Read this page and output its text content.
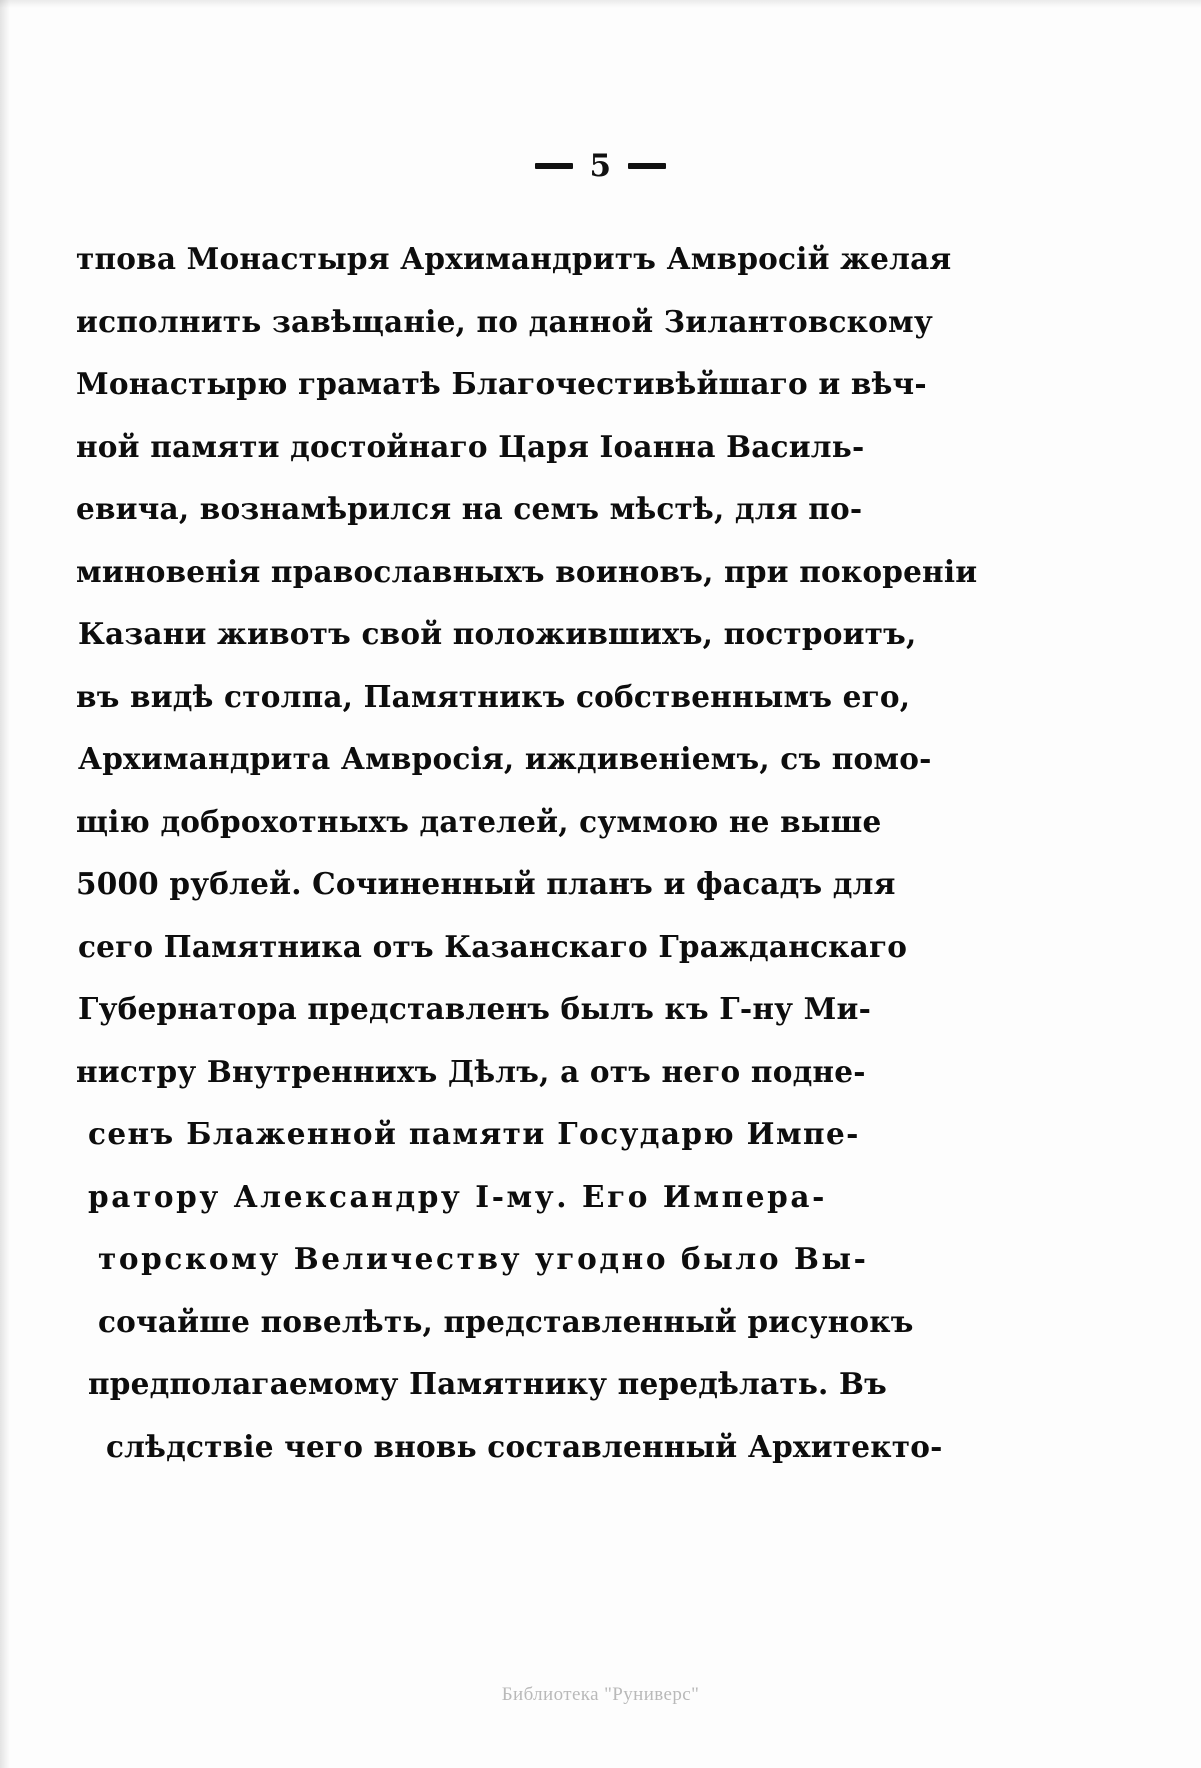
5
тпова Монастыря Архимандритъ Амвросій желая
исполнить завѣщаніе, по данной Зилантовскому
Монастырю граматѣ Благочестивѣйшаго и вѣч-
ной памяти достойнаго Царя Іоанна Василь-
евича, вознамѣрился на семъ мѣстѣ, для по-
миновенія православныхъ воиновъ, при покореніи
Казани животъ свой положившихъ, построитъ,
въ видѣ столпа, Памятникъ собственнымъ его,
Архимандрита Амвросія, иждивеніемъ, съ помо-
щію доброхотныхъ дателей, суммою не выше
5000 рублей. Сочиненный планъ и фасадъ для
сего Памятника отъ Казанскаго Гражданскаго
Губернатора представленъ былъ къ Г-ну Ми-
нистру Внутреннихъ Дѣлъ, а отъ него подне-
сенъ Блаженной памяти Государю Импе-
ратору Александру I-му. Его Импера-
торскому Величеству угодно было Вы-
сочайше повелѣть, представленный рисунокъ
предполагаемому Памятнику передѣлать. Въ
слѣдствіе чего вновь составленный Архитекто-
Библиотека "Руниверс"
